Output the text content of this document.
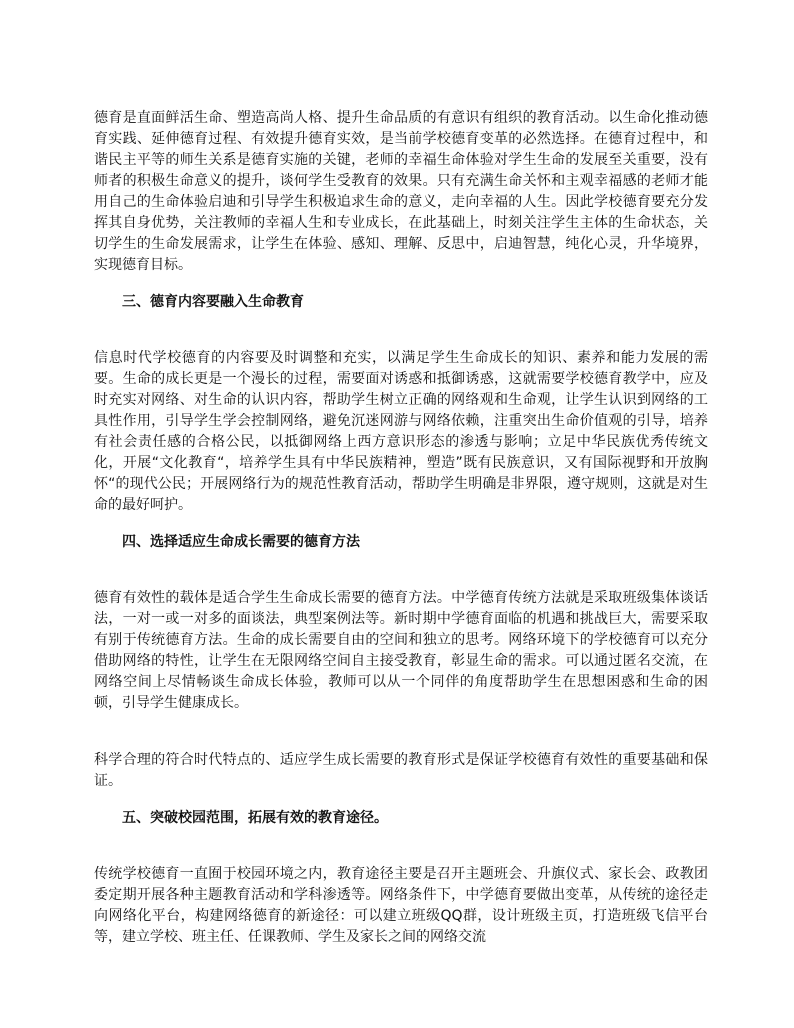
德育是直面鲜活生命、塑造高尚人格、提升生命品质的有意识有组织的教育活动。以生命化推动德育实践、延伸德育过程、有效提升德育实效，是当前学校德育变革的必然选择。在德育过程中，和谐民主平等的师生关系是德育实施的关键，老师的幸福生命体验对学生生命的发展至关重要，没有师者的积极生命意义的提升，谈何学生受教育的效果。只有充满生命关怀和主观幸福感的老师才能用自己的生命体验启迪和引导学生积极追求生命的意义，走向幸福的人生。因此学校德育要充分发挥其自身优势，关注教师的幸福人生和专业成长，在此基础上，时刻关注学生主体的生命状态，关切学生的生命发展需求，让学生在体验、感知、理解、反思中，启迪智慧，纯化心灵，升华境界，实现德育目标。

三、德育内容要融入生命教育

信息时代学校德育的内容要及时调整和充实，以满足学生生命成长的知识、素养和能力发展的需要。生命的成长更是一个漫长的过程，需要面对诱惑和抵御诱惑，这就需要学校德育教学中，应及时充实对网络、对生命的认识内容，帮助学生树立正确的网络观和生命观，让学生认识到网络的工具性作用，引导学生学会控制网络，避免沉迷网游与网络依赖，注重突出生命价值观的引导，培养有社会责任感的合格公民，以抵御网络上西方意识形态的渗透与影响；立足中华民族优秀传统文化，开展“文化教育“，培养学生具有中华民族精神，塑造”既有民族意识，又有国际视野和开放胸怀“的现代公民；开展网络行为的规范性教育活动，帮助学生明确是非界限，遵守规则，这就是对生命的最好呵护。

四、选择适应生命成长需要的德育方法

德育有效性的载体是适合学生生命成长需要的德育方法。中学德育传统方法就是采取班级集体谈话法，一对一或一对多的面谈法，典型案例法等。新时期中学德育面临的机遇和挑战巨大，需要采取有别于传统德育方法。生命的成长需要自由的空间和独立的思考。网络环境下的学校德育可以充分借助网络的特性，让学生在无限网络空间自主接受教育，彰显生命的需求。可以通过匿名交流，在网络空间上尽情畅谈生命成长体验，教师可以从一个同伴的角度帮助学生在思想困惑和生命的困顿，引导学生健康成长。

科学合理的符合时代特点的、适应学生成长需要的教育形式是保证学校德育有效性的重要基础和保证。

五、突破校园范围，拓展有效的教育途径。

传统学校德育一直囿于校园环境之内，教育途径主要是召开主题班会、升旗仪式、家长会、政教团委定期开展各种主题教育活动和学科渗透等。网络条件下，中学德育要做出变革，从传统的途径走向网络化平台，构建网络德育的新途径：可以建立班级QQ群，设计班级主页，打造班级飞信平台等，建立学校、班主任、任课教师、学生及家长之间的网络交流
